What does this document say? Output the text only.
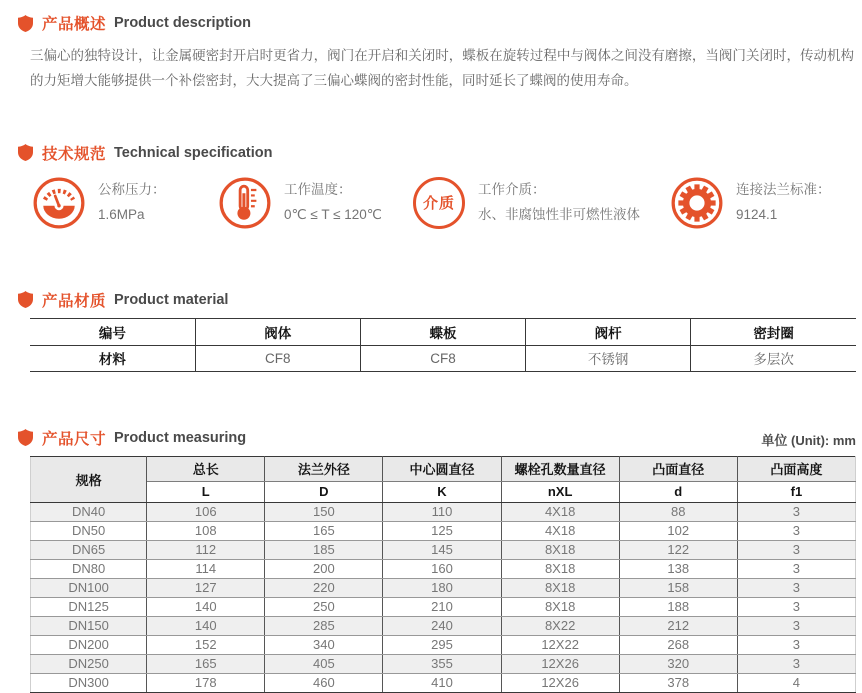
产品概述 Product description

三偏心的独特设计，让金属硬密封开启时更省力，阀门在开启和关闭时，蝶板在旋转过程中与阀体之间没有磨擦，当阀门关闭时，传动机构的力矩增大能够提供一个补偿密封，大大提高了三偏心蝶阀的密封性能，同时延长了蝶阀的使用寿命。

技术规范 Technical specification
公称压力：
1.6MPa
工作温度：
0℃ ≤ T ≤ 120℃
介质
工作介质：
水、非腐蚀性非可燃性液体
连接法兰标准：
9124.1
产品材质 Product material
编号	阀体	蝶板	阀杆	密封圈
材料	CF8	CF8	不锈钢	多层次
产品尺寸 Product measuring	单位 (Unit): mm
规格	总长	法兰外径	中心圆直径	螺栓孔数量直径	凸面直径	凸面高度
	L	D	K	nXL	d	f1
DN40	106	150	110	4X18	88	3
DN50	108	165	125	4X18	102	3
DN65	112	185	145	8X18	122	3
DN80	114	200	160	8X18	138	3
DN100	127	220	180	8X18	158	3
DN125	140	250	210	8X18	188	3
DN150	140	285	240	8X22	212	3
DN200	152	340	295	12X22	268	3
DN250	165	405	355	12X26	320	3
DN300	178	460	410	12X26	378	4
